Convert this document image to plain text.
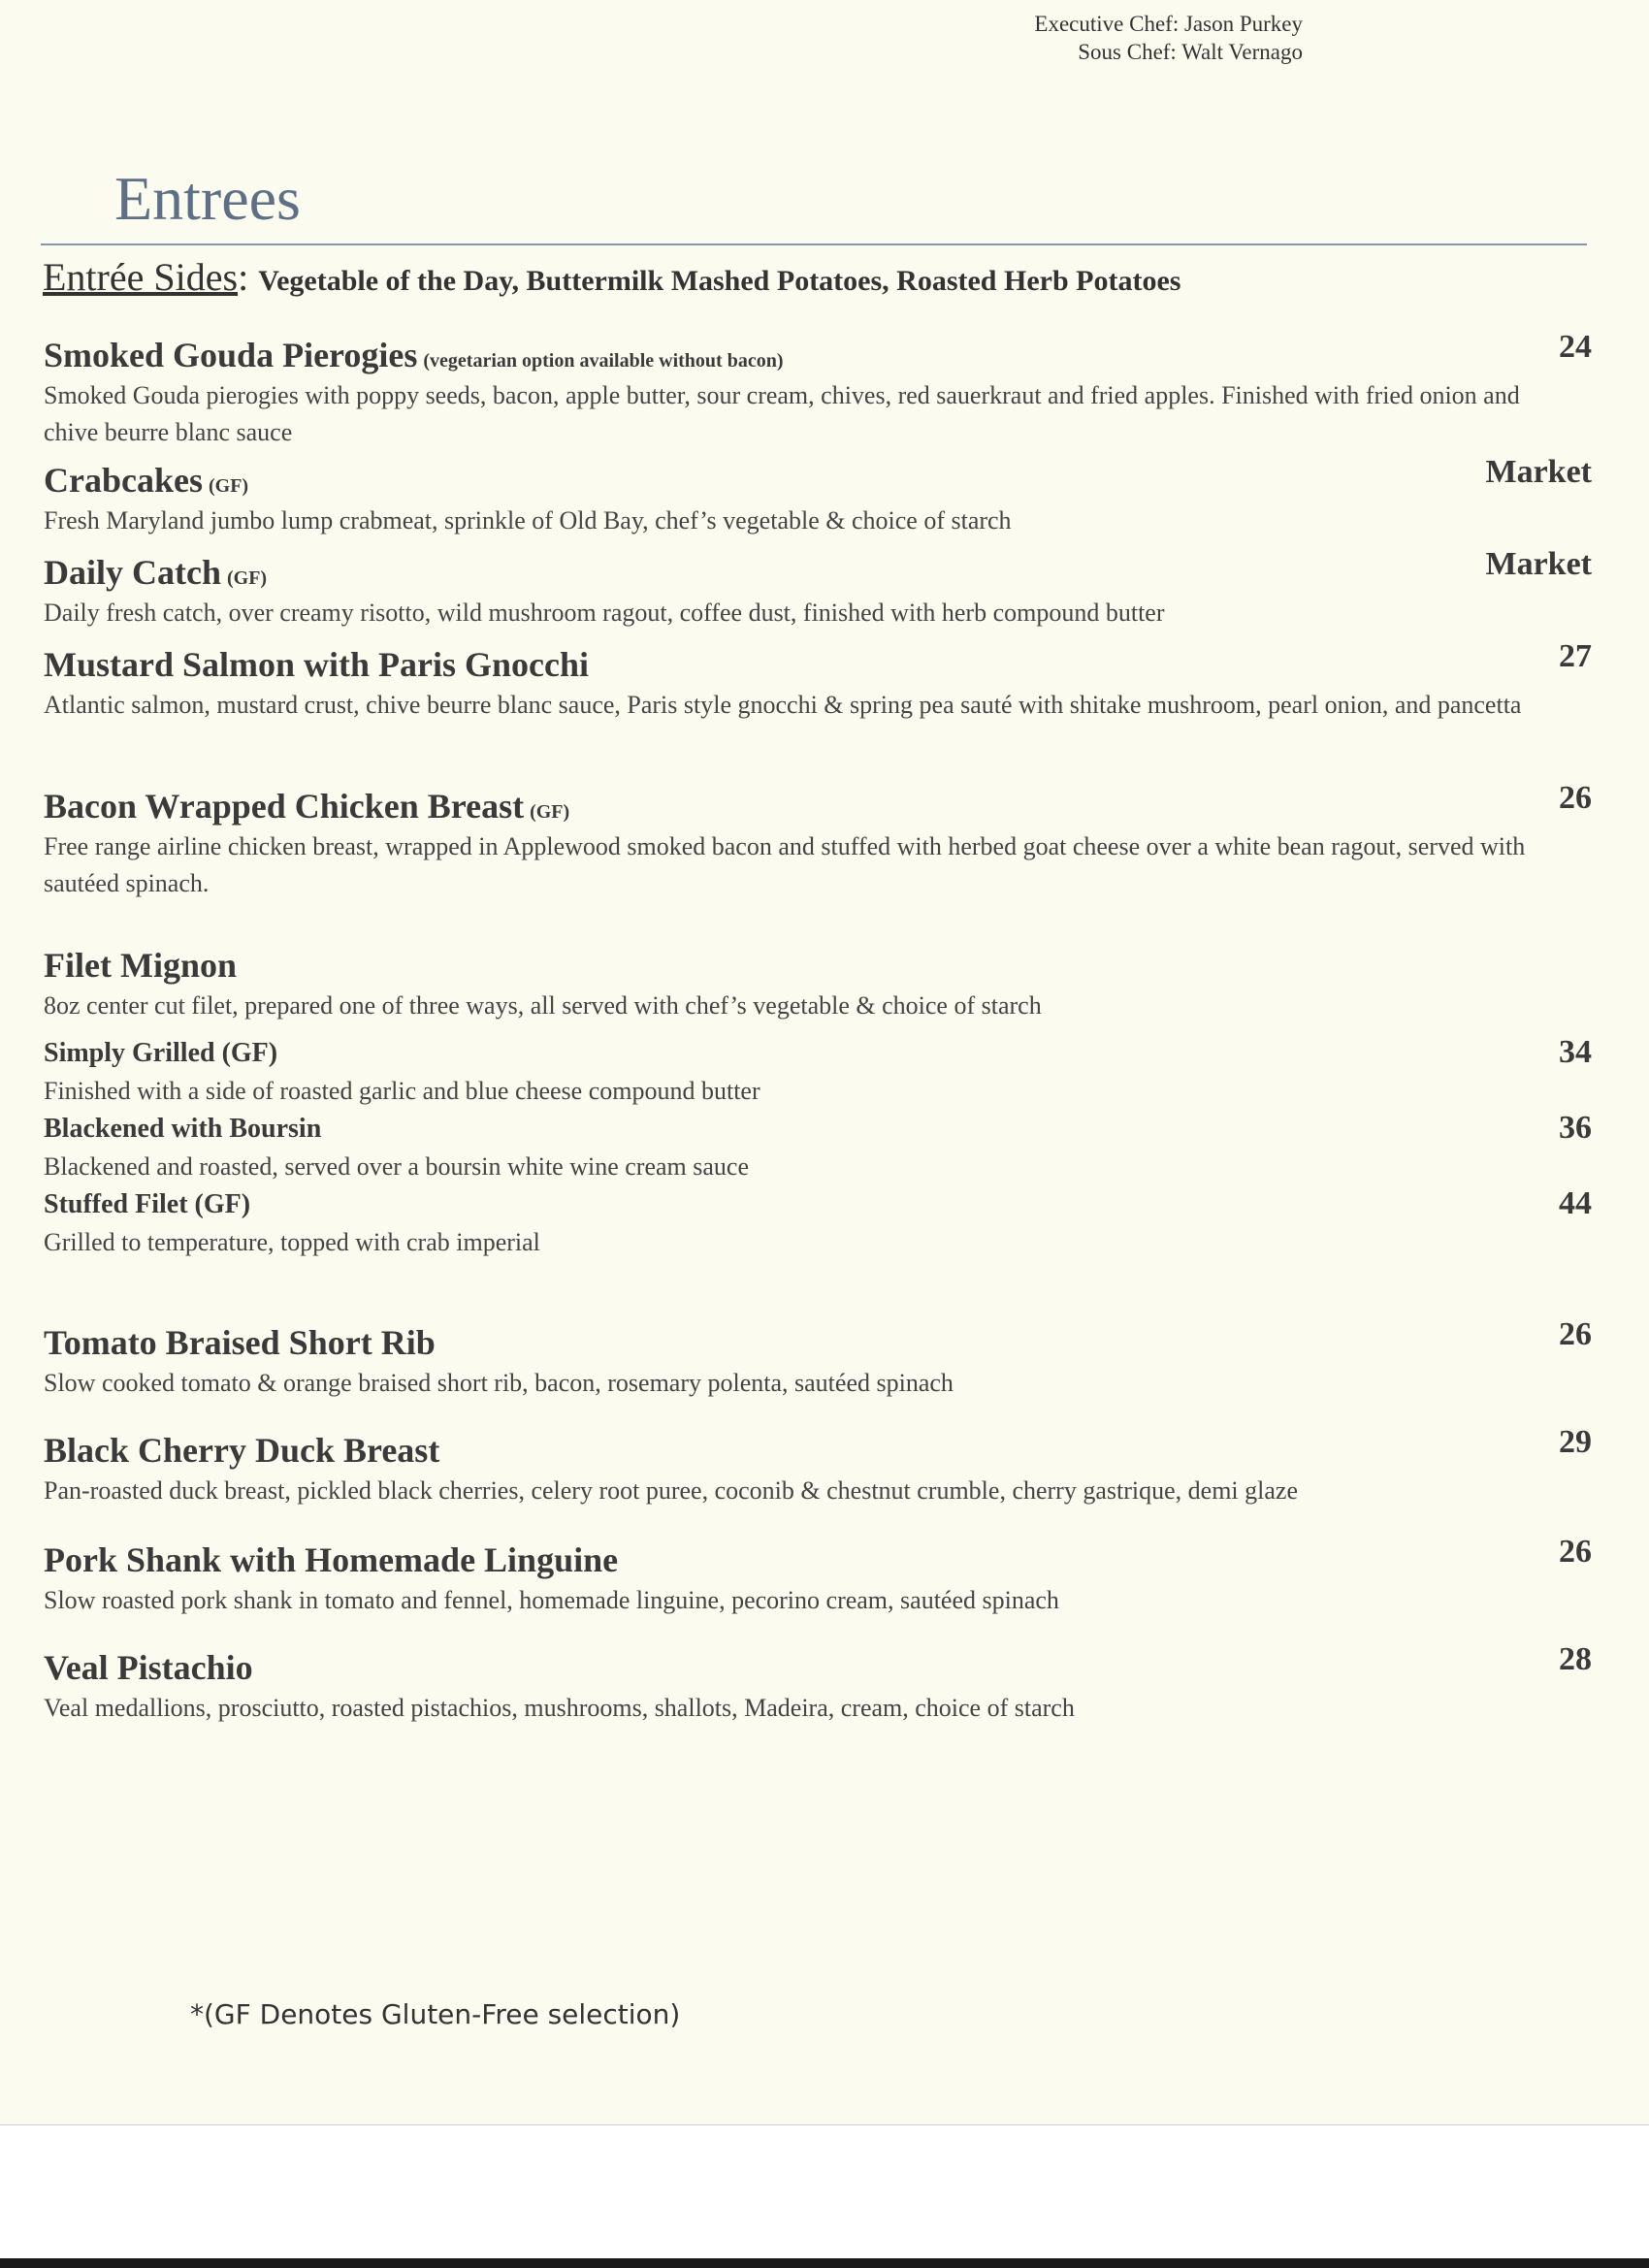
Executive Chef: Jason Purkey
Sous Chef: Walt Vernago
Entrees
Entrée Sides: Vegetable of the Day, Buttermilk Mashed Potatoes, Roasted Herb Potatoes
Smoked Gouda Pierogies (vegetarian option available without bacon)	24
Smoked Gouda pierogies with poppy seeds, bacon, apple butter, sour cream, chives, red sauerkraut and fried apples. Finished with fried onion and chive beurre blanc sauce
Crabcakes (GF)	Market
Fresh Maryland jumbo lump crabmeat, sprinkle of Old Bay, chef’s vegetable & choice of starch
Daily Catch (GF)	Market
Daily fresh catch, over creamy risotto, wild mushroom ragout, coffee dust, finished with herb compound butter
Mustard Salmon with Paris Gnocchi	27
Atlantic salmon, mustard crust, chive beurre blanc sauce, Paris style gnocchi & spring pea sauté with shitake mushroom, pearl onion, and pancetta
Bacon Wrapped Chicken Breast (GF)	26
Free range airline chicken breast, wrapped in Applewood smoked bacon and stuffed with herbed goat cheese over a white bean ragout, served with sautéed spinach.
Filet Mignon
8oz center cut filet, prepared one of three ways, all served with chef’s vegetable & choice of starch
Simply Grilled (GF)	34
Finished with a side of roasted garlic and blue cheese compound butter
Blackened with Boursin	36
Blackened and roasted, served over a boursin white wine cream sauce
Stuffed Filet (GF)	44
Grilled to temperature, topped with crab imperial
Tomato Braised Short Rib	26
Slow cooked tomato & orange braised short rib, bacon, rosemary polenta, sautéed spinach
Black Cherry Duck Breast	29
Pan-roasted duck breast, pickled black cherries, celery root puree, coconib & chestnut crumble, cherry gastrique, demi glaze
Pork Shank with Homemade Linguine	26
Slow roasted pork shank in tomato and fennel, homemade linguine, pecorino cream, sautéed spinach
Veal Pistachio	28
Veal medallions, prosciutto, roasted pistachios, mushrooms, shallots, Madeira, cream, choice of starch
*(GF Denotes Gluten-Free selection)
